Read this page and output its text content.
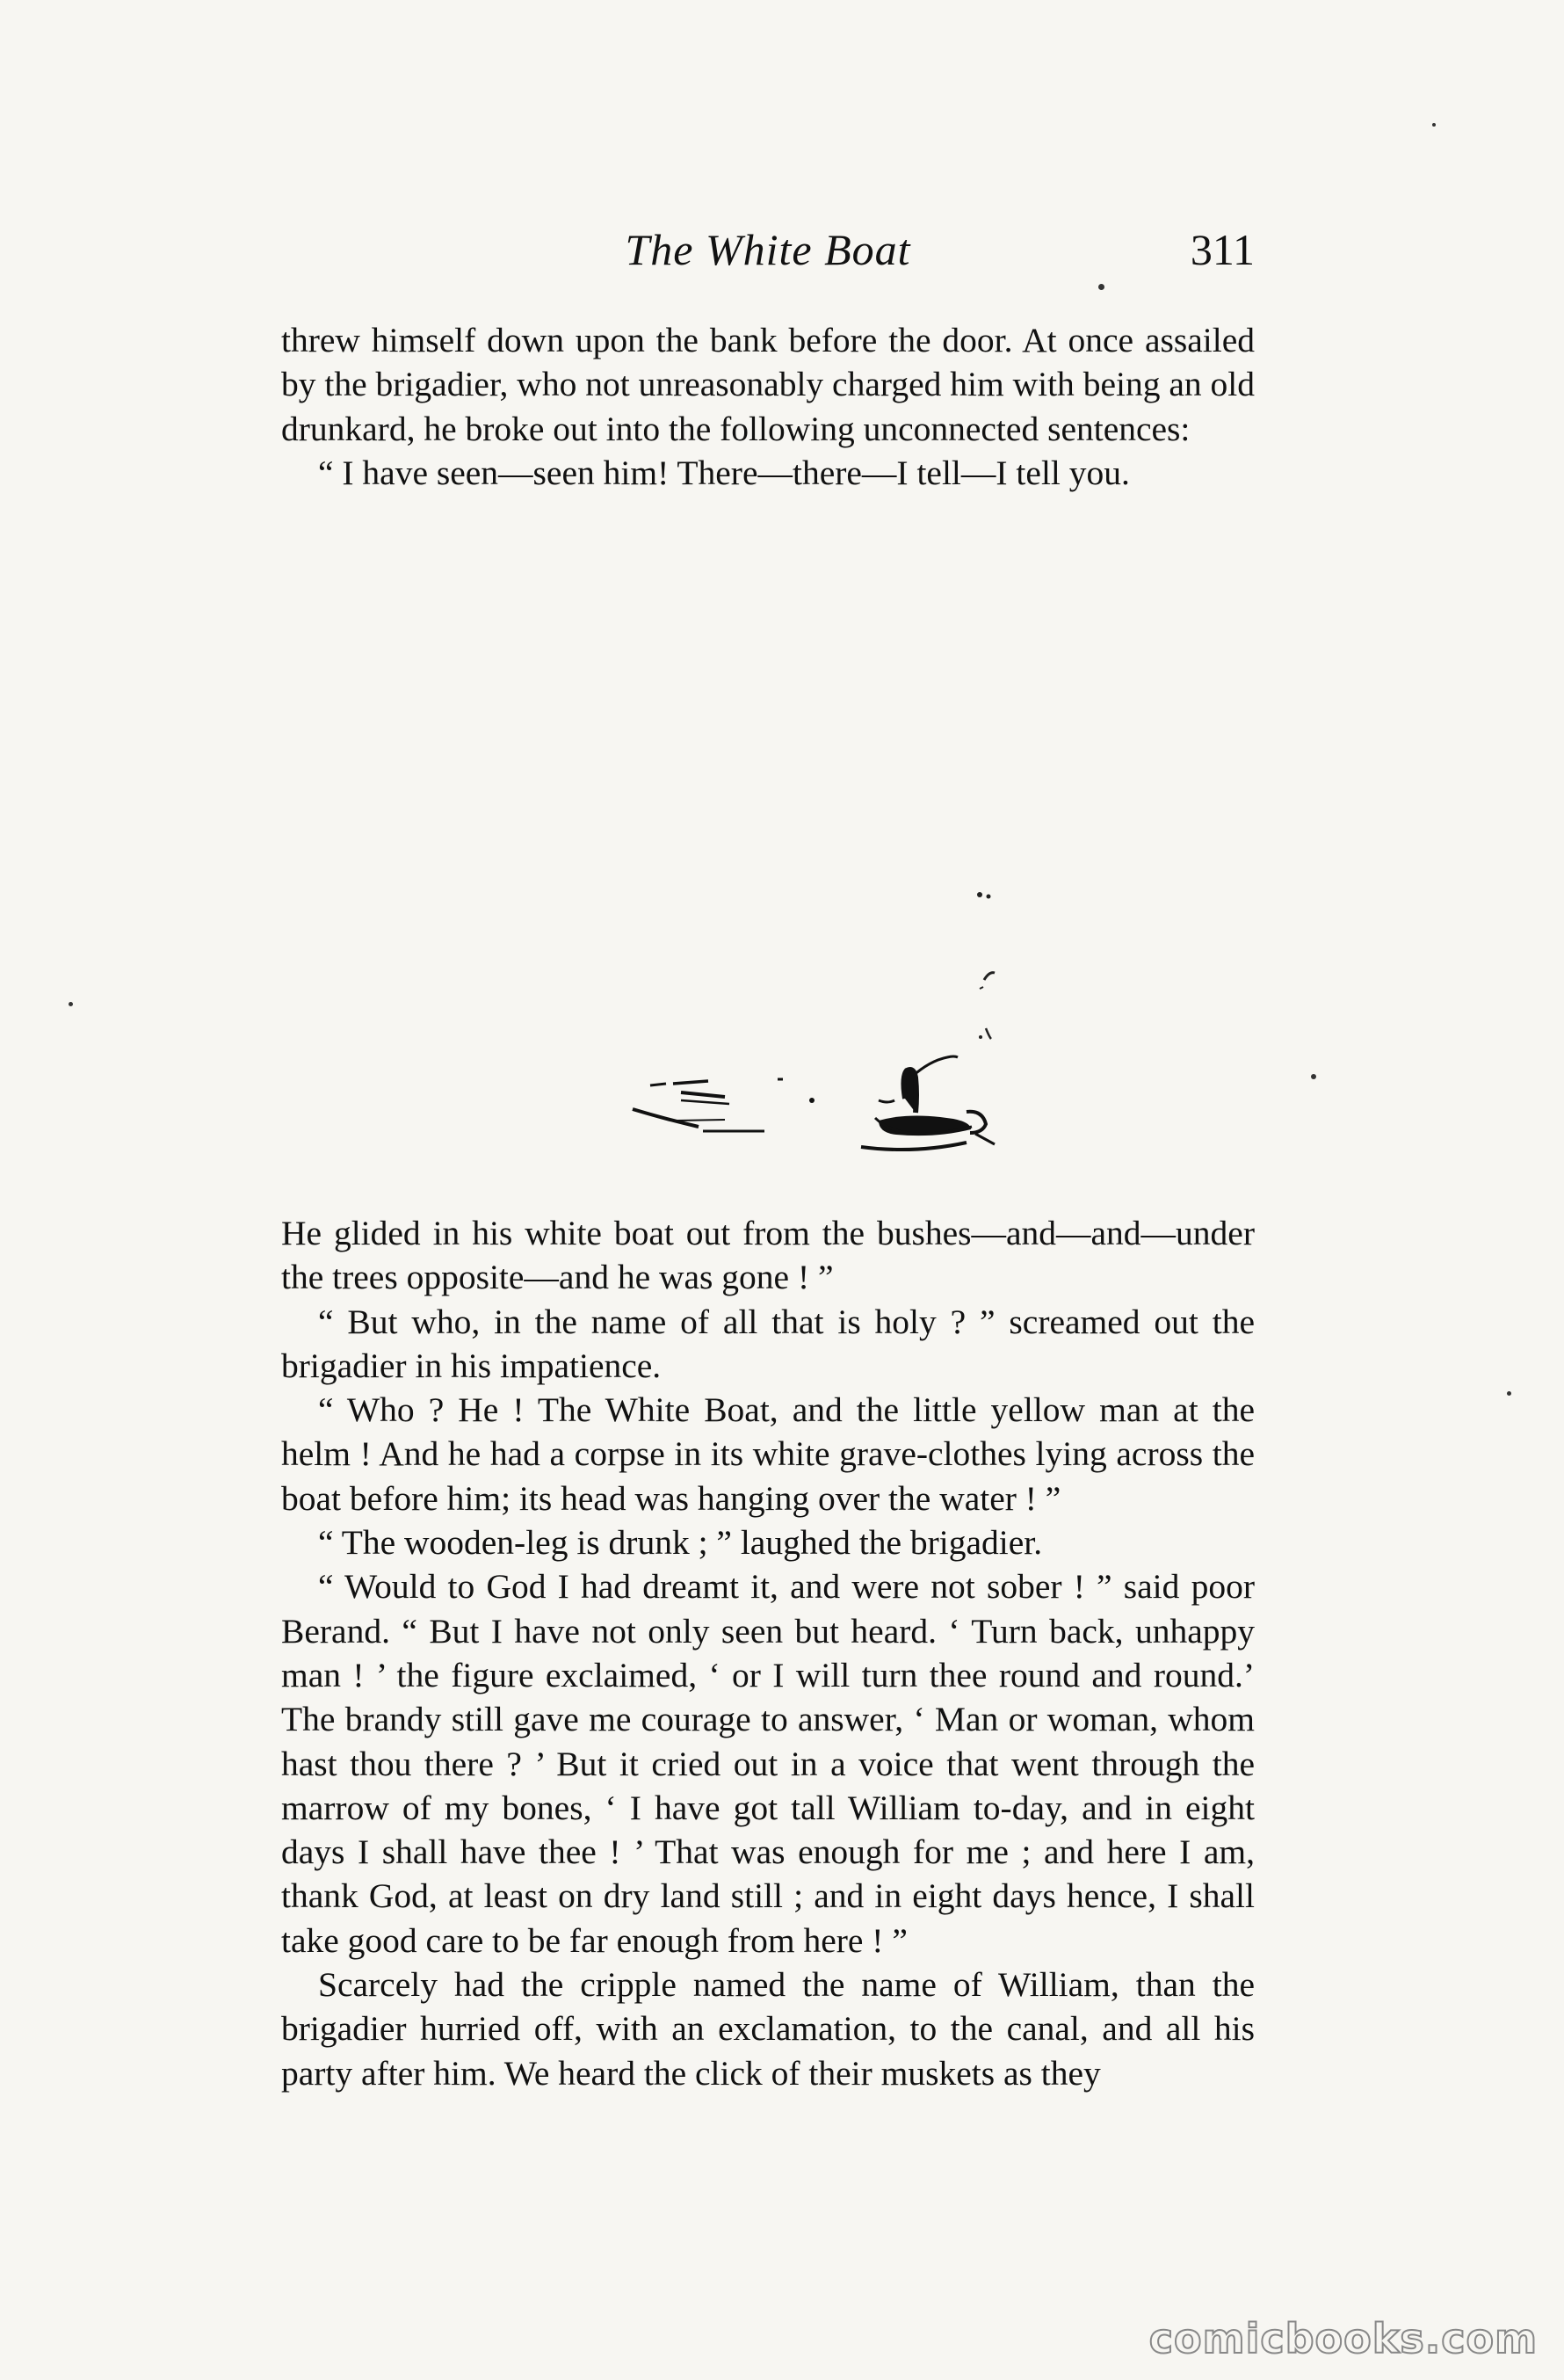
The White Boat	311

threw himself down upon the bank before the door. At once assailed by the brigadier, who not unreasonably charged him with being an old drunkard, he broke out into the following unconnected sentences:

“ I have seen—seen him! There—there—I tell—I tell you.

He glided in his white boat out from the bushes—and—and—under the trees opposite—and he was gone ! ”

“ But who, in the name of all that is holy ? ” screamed out the brigadier in his impatience.

“ Who ? He ! The White Boat, and the little yellow man at the helm ! And he had a corpse in its white grave-clothes lying across the boat before him; its head was hanging over the water ! ”

“ The wooden-leg is drunk ; ” laughed the brigadier.

“ Would to God I had dreamt it, and were not sober ! ” said poor Berand. “ But I have not only seen but heard. ‘ Turn back, unhappy man ! ’ the figure exclaimed, ‘ or I will turn thee round and round.’ The brandy still gave me courage to answer, ‘ Man or woman, whom hast thou there ? ’ But it cried out in a voice that went through the marrow of my bones, ‘ I have got tall William to-day, and in eight days I shall have thee ! ’ That was enough for me ; and here I am, thank God, at least on dry land still ; and in eight days hence, I shall take good care to be far enough from here ! ”

Scarcely had the cripple named the name of William, than the brigadier hurried off, with an exclamation, to the canal, and all his party after him. We heard the click of their muskets as they

comicbooks.com
